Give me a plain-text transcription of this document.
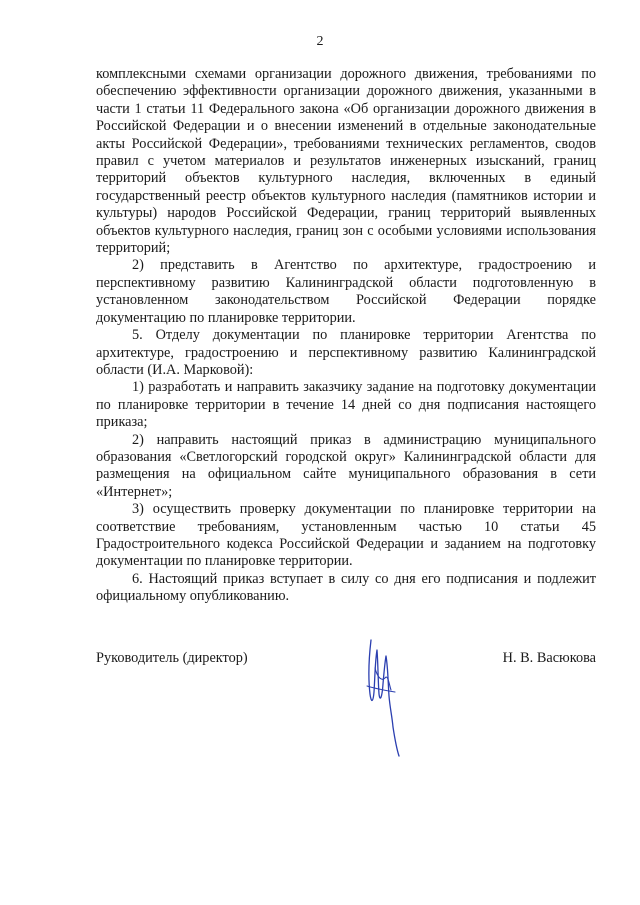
2

комплексными схемами организации дорожного движения, требованиями по обеспечению эффективности организации дорожного движения, указанными в части 1 статьи 11 Федерального закона «Об организации дорожного движения в Российской Федерации и о внесении изменений в отдельные законодательные акты Российской Федерации», требованиями технических регламентов, сводов правил с учетом материалов и результатов инженерных изысканий, границ территорий объектов культурного наследия, включенных в единый государственный реестр объектов культурного наследия (памятников истории и культуры) народов Российской Федерации, границ территорий выявленных объектов культурного наследия, границ зон с особыми условиями использования территорий;

2) представить в Агентство по архитектуре, градостроению и перспективному развитию Калининградской области подготовленную в установленном законодательством Российской Федерации порядке документацию по планировке территории.

5. Отделу документации по планировке территории Агентства по архитектуре, градостроению и перспективному развитию Калининградской области (И.А. Марковой):

1) разработать и направить заказчику задание на подготовку документации по планировке территории в течение 14 дней со дня подписания настоящего приказа;

2) направить настоящий приказ в администрацию муниципального образования «Светлогорский городской округ» Калининградской области для размещения на официальном сайте муниципального образования в сети «Интернет»;

3) осуществить проверку документации по планировке территории на соответствие требованиям, установленным частью 10 статьи 45 Градостроительного кодекса Российской Федерации и заданием на подготовку документации по планировке территории.

6. Настоящий приказ вступает в силу со дня его подписания и подлежит официальному опубликованию.

Руководитель (директор)	Н. В. Васюкова
